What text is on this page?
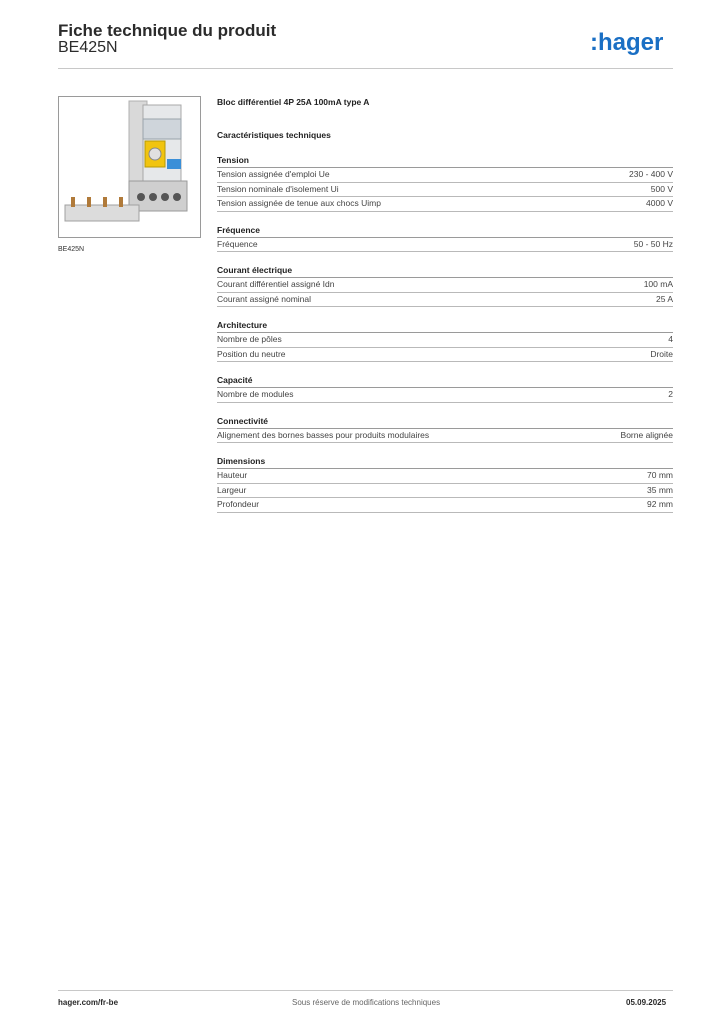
Fiche technique du produit
BE425N	:hager
BE425N
Bloc différentiel 4P 25A 100mA type A
Caractéristiques techniques
Tension
Tension assignée d'emploi Ue	230 - 400 V
Tension nominale d'isolement Ui	500 V
Tension assignée de tenue aux chocs Uimp	4000 V
Fréquence
Fréquence	50 - 50 Hz
Courant électrique
Courant différentiel assigné Idn	100 mA
Courant assigné nominal	25 A
Architecture
Nombre de pôles	4
Position du neutre	Droite
Capacité
Nombre de modules	2
Connectivité
Alignement des bornes basses pour produits modulaires	Borne alignée
Dimensions
Hauteur	70 mm
Largeur	35 mm
Profondeur	92 mm
hager.com/fr-be	Sous réserve de modifications techniques	05.09.2025
